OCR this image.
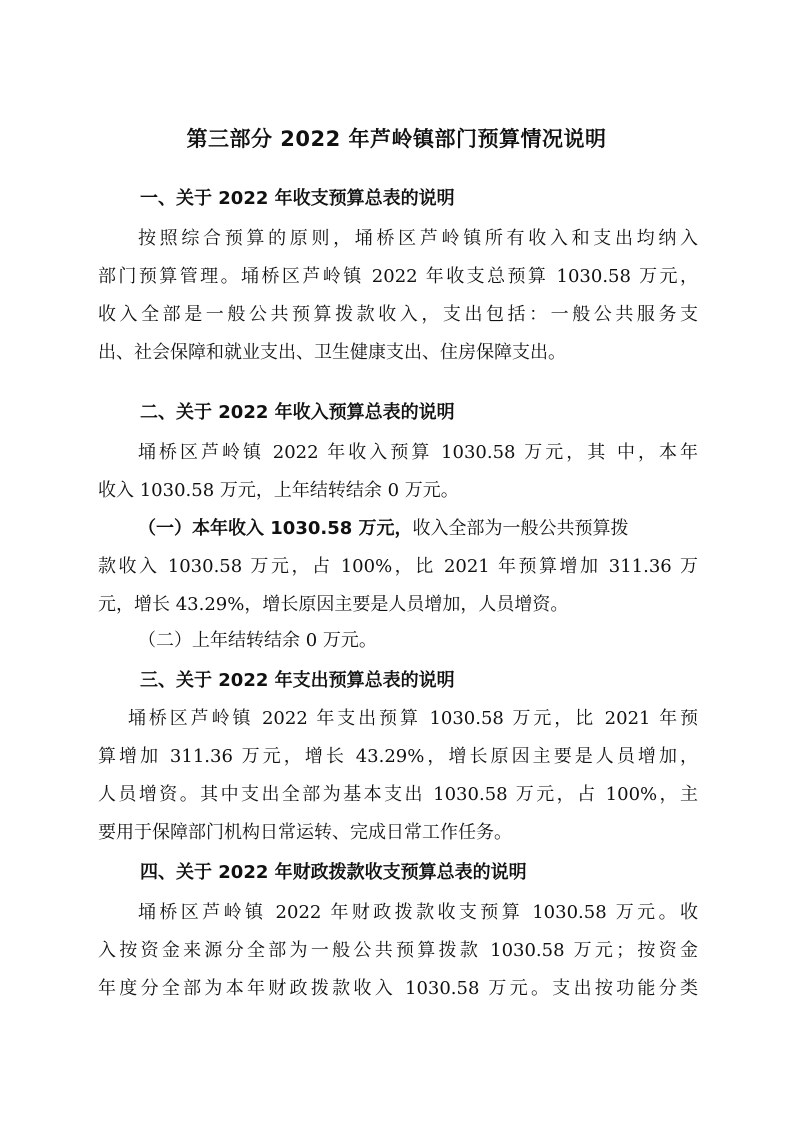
第三部分 2022 年芦岭镇部门预算情况说明
一、关于 2022 年收支预算总表的说明
按照综合预算的原则，埇桥区芦岭镇所有收入和支出均纳入
部门预算管理。埇桥区芦岭镇 2022 年收支总预算 1030.58 万元，
收入全部是一般公共预算拨款收入，支出包括：一般公共服务支
出、社会保障和就业支出、卫生健康支出、住房保障支出。
二、关于 2022 年收入预算总表的说明
埇桥区芦岭镇 2022 年收入预算 1030.58 万元，其 中，本年
收入 1030.58 万元，上年结转结余 0 万元。
（一）本年收入 1030.58 万元，收入全部为一般公共预算拨
款收入 1030.58 万元，占 100%，比 2021 年预算增加 311.36 万
元，增长 43.29%，增长原因主要是人员增加，人员增资。
（二）上年结转结余 0 万元。
三、关于 2022 年支出预算总表的说明
埇桥区芦岭镇 2022 年支出预算 1030.58 万元，比 2021 年预
算增加 311.36 万元，增长 43.29%，增长原因主要是人员增加，
人员增资。其中支出全部为基本支出 1030.58 万元，占 100%，主
要用于保障部门机构日常运转、完成日常工作任务。
四、关于 2022 年财政拨款收支预算总表的说明
埇桥区芦岭镇 2022 年财政拨款收支预算 1030.58 万元。收
入按资金来源分全部为一般公共预算拨款 1030.58 万元；按资金
年度分全部为本年财政拨款收入 1030.58 万元。支出按功能分类
